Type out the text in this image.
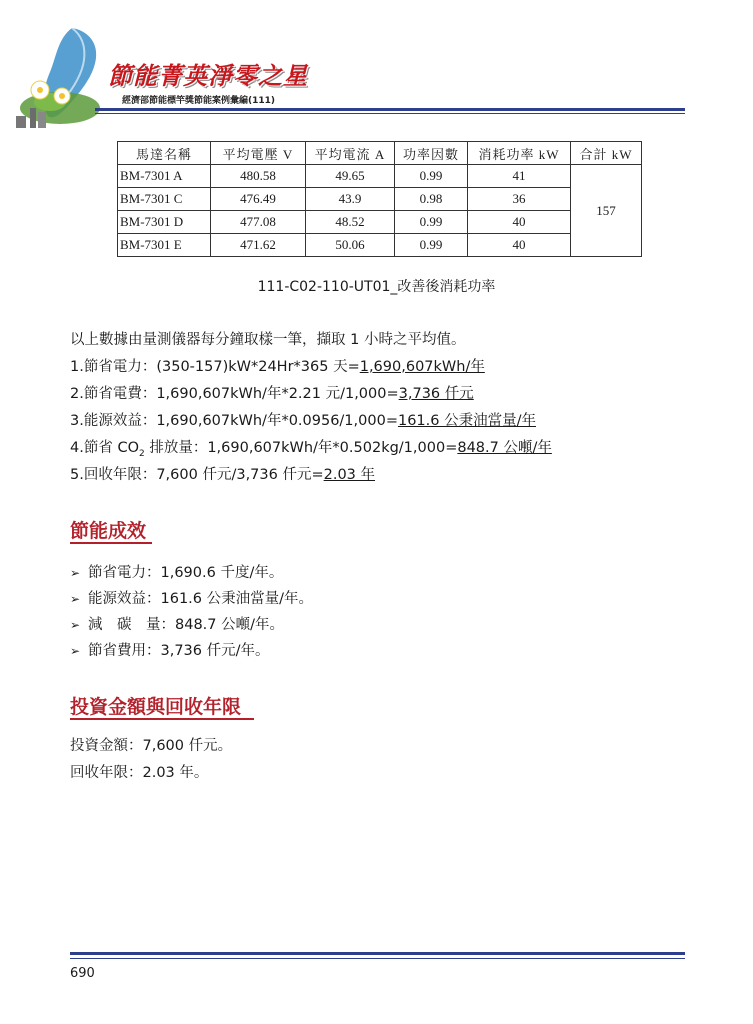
節能菁英淨零之星
經濟部節能標竿獎節能案例彙編(111)
馬達名稱	平均電壓 V	平均電流 A	功率因數	消耗功率 kW	合計 kW
BM-7301 A	480.58	49.65	0.99	41	157
BM-7301 C	476.49	43.9	0.98	36	
BM-7301 D	477.08	48.52	0.99	40	
BM-7301 E	471.62	50.06	0.99	40	
111-C02-110-UT01_改善後消耗功率
以上數據由量測儀器每分鐘取樣一筆，擷取 1 小時之平均值。
1.節省電力：(350-157)kW*24Hr*365 天=1,690,607kWh/年
2.節省電費：1,690,607kWh/年*2.21 元/1,000=3,736 仟元
3.能源效益：1,690,607kWh/年*0.0956/1,000=161.6 公秉油當量/年
4.節省 $CO_2$ 排放量：1,690,607kWh/年*0.502kg/1,000=848.7 公噸/年
5.回收年限：7,600 仟元/3,736 仟元=2.03 年
節能成效
➢ 節省電力：1,690.6 千度/年。
➢ 能源效益：161.6 公秉油當量/年。
➢ 減　碳　量：848.7 公噸/年。
➢ 節省費用：3,736 仟元/年。
投資金額與回收年限
投資金額：7,600 仟元。
回收年限：2.03 年。
690
